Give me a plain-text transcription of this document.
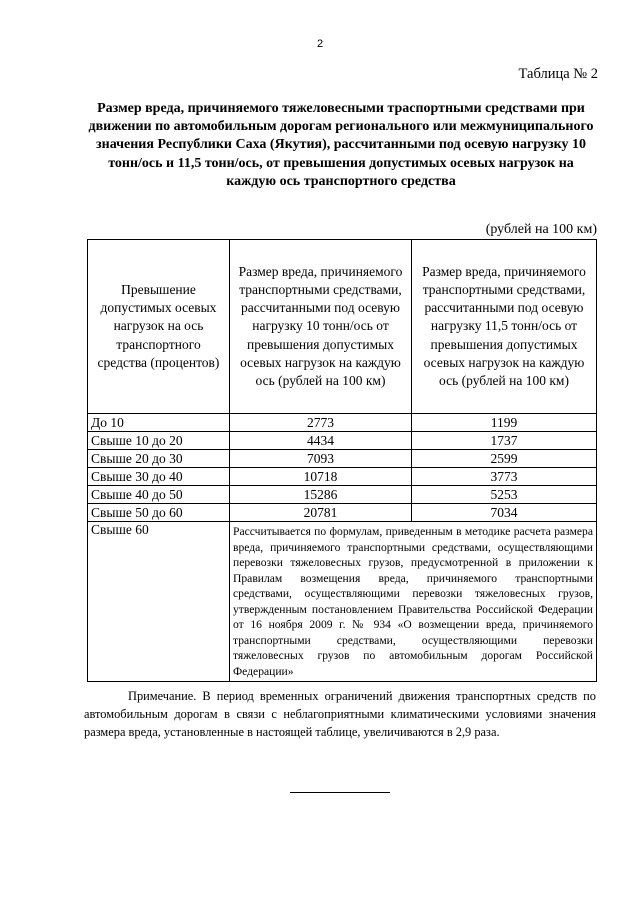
2
Таблица № 2
Размер вреда, причиняемого тяжеловесными траспортными средствами при движении по автомобильным дорогам регионального или межмуниципального значения Республики Саха (Якутия), рассчитанными под осевую нагрузку 10 тонн/ось и 11,5 тонн/ось, от превышения допустимых осевых нагрузок на каждую ось транспортного средства
(рублей на 100 км)
Превышение допустимых осевых нагрузок на ось транспортного средства (процентов)	Размер вреда, причиняемого транспортными средствами, рассчитанными под осевую нагрузку 10 тонн/ось от превышения допустимых осевых нагрузок на каждую ось (рублей на 100 км)	Размер вреда, причиняемого транспортными средствами, рассчитанными под осевую нагрузку 11,5 тонн/ось от превышения допустимых осевых нагрузок на каждую ось (рублей на 100 км)
До 10	2773	1199
Свыше 10 до 20	4434	1737
Свыше 20 до 30	7093	2599
Свыше 30 до 40	10718	3773
Свыше 40 до 50	15286	5253
Свыше 50 до 60	20781	7034
Свыше 60	Рассчитывается по формулам, приведенным в методике расчета размера вреда, причиняемого транспортными средствами, осуществляющими перевозки тяжеловесных грузов, предусмотренной в приложении к Правилам возмещения вреда, причиняемого транспортными средствами, осуществляющими перевозки тяжеловесных грузов, утвержденным постановлением Правительства Российской Федерации от 16 ноября 2009 г. № 934 «О возмещении вреда, причиняемого транспортными средствами, осуществляющими перевозки тяжеловесных грузов по автомобильным дорогам Российской Федерации»	
Примечание. В период временных ограничений движения транспортных средств по автомобильным дорогам в связи с неблагоприятными климатическими условиями значения размера вреда, установленные в настоящей таблице, увеличиваются в 2,9 раза.
